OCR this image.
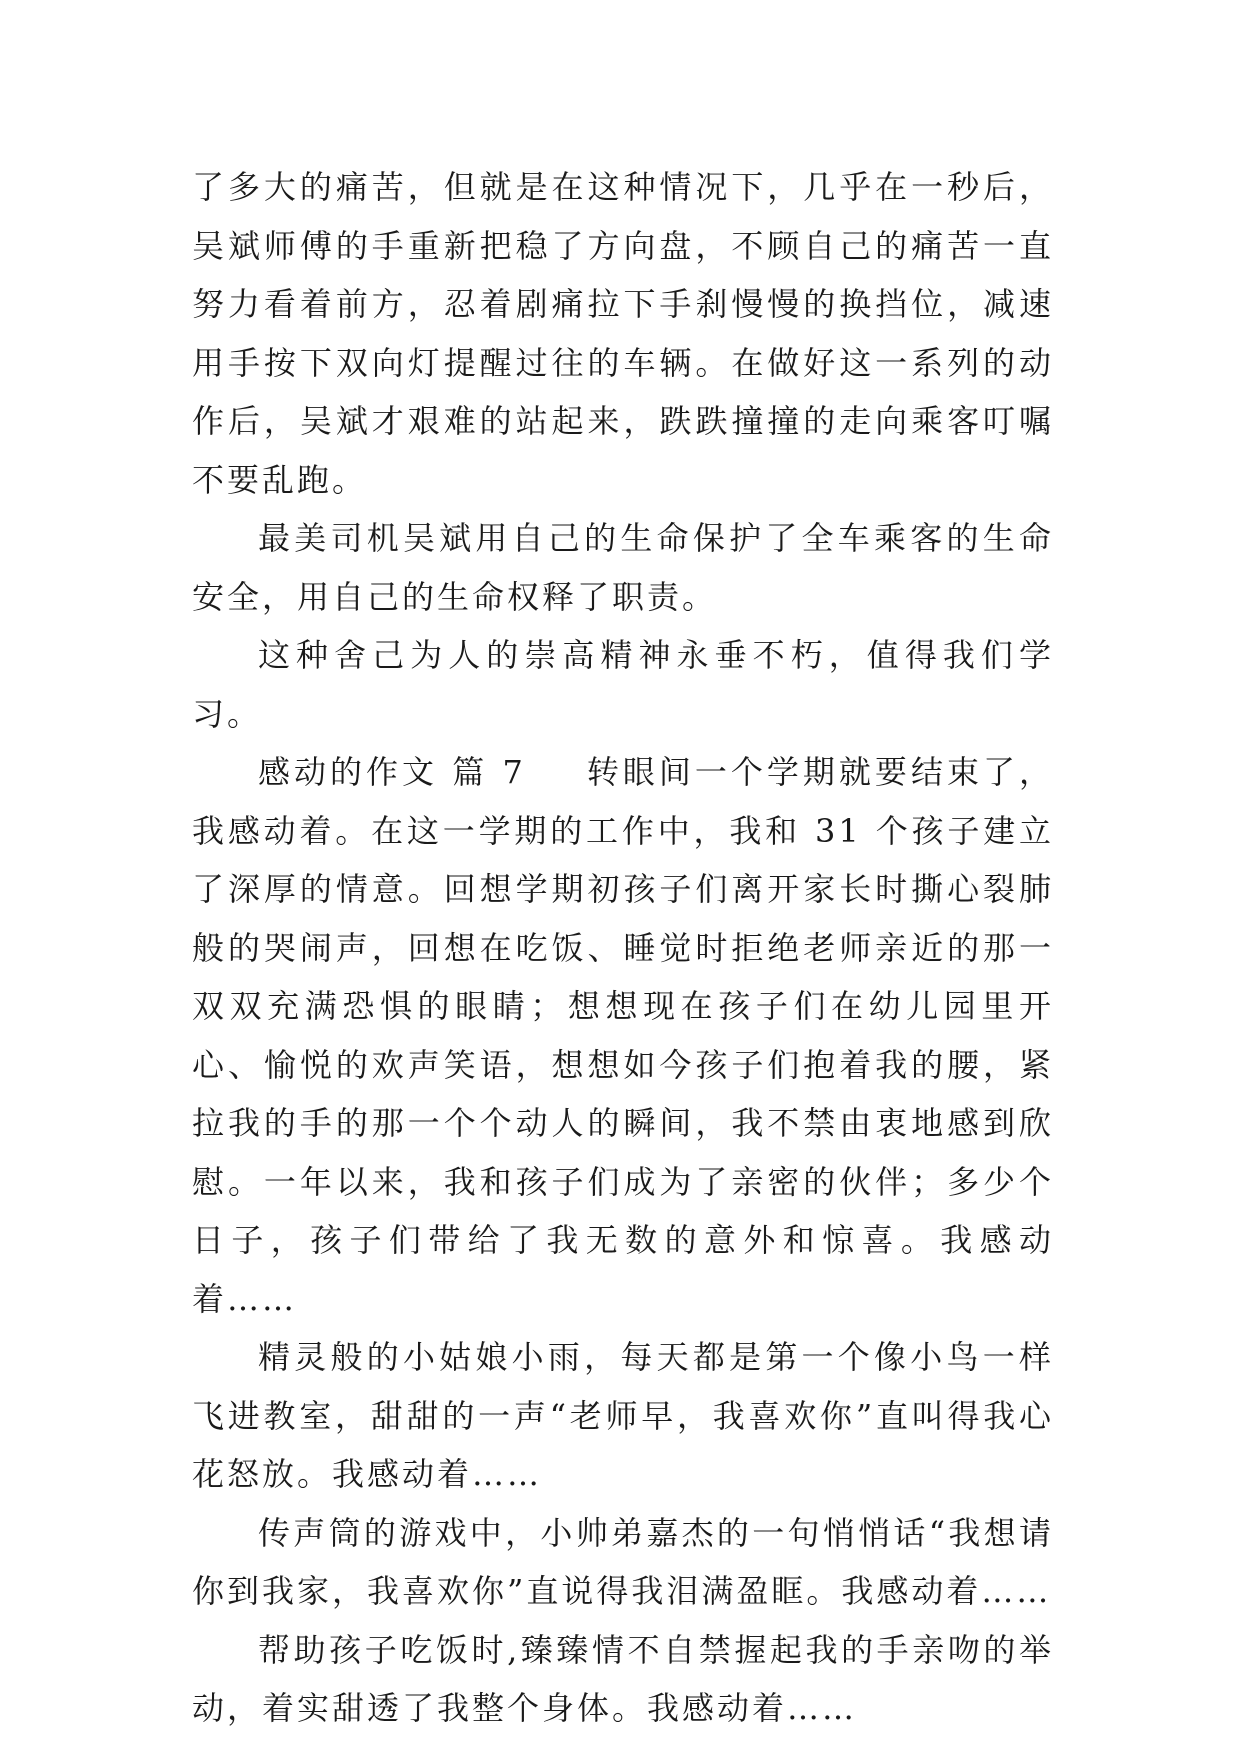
了多大的痛苦，但就是在这种情况下，几乎在一秒后，吴斌师傅的手重新把稳了方向盘，不顾自己的痛苦一直努力看着前方，忍着剧痛拉下手刹慢慢的换挡位，减速用手按下双向灯提醒过往的车辆。在做好这一系列的动作后，吴斌才艰难的站起来，跌跌撞撞的走向乘客叮嘱不要乱跑。

最美司机吴斌用自己的生命保护了全车乘客的生命安全，用自己的生命权释了职责。

这种舍己为人的崇高精神永垂不朽，值得我们学习。

感动的作文 篇 7 转眼间一个学期就要结束了，我感动着。在这一学期的工作中，我和 31 个孩子建立了深厚的情意。回想学期初孩子们离开家长时撕心裂肺般的哭闹声，回想在吃饭、睡觉时拒绝老师亲近的那一双双充满恐惧的眼睛；想想现在孩子们在幼儿园里开心、愉悦的欢声笑语，想想如今孩子们抱着我的腰，紧拉我的手的那一个个动人的瞬间，我不禁由衷地感到欣慰。一年以来，我和孩子们成为了亲密的伙伴；多少个日子，孩子们带给了我无数的意外和惊喜。我感动着……

精灵般的小姑娘小雨，每天都是第一个像小鸟一样飞进教室，甜甜的一声“老师早，我喜欢你”直叫得我心花怒放。我感动着……

传声筒的游戏中，小帅弟嘉杰的一句悄悄话“我想请你到我家，我喜欢你”直说得我泪满盈眶。我感动着……

帮助孩子吃饭时,臻臻情不自禁握起我的手亲吻的举动，着实甜透了我整个身体。我感动着……
